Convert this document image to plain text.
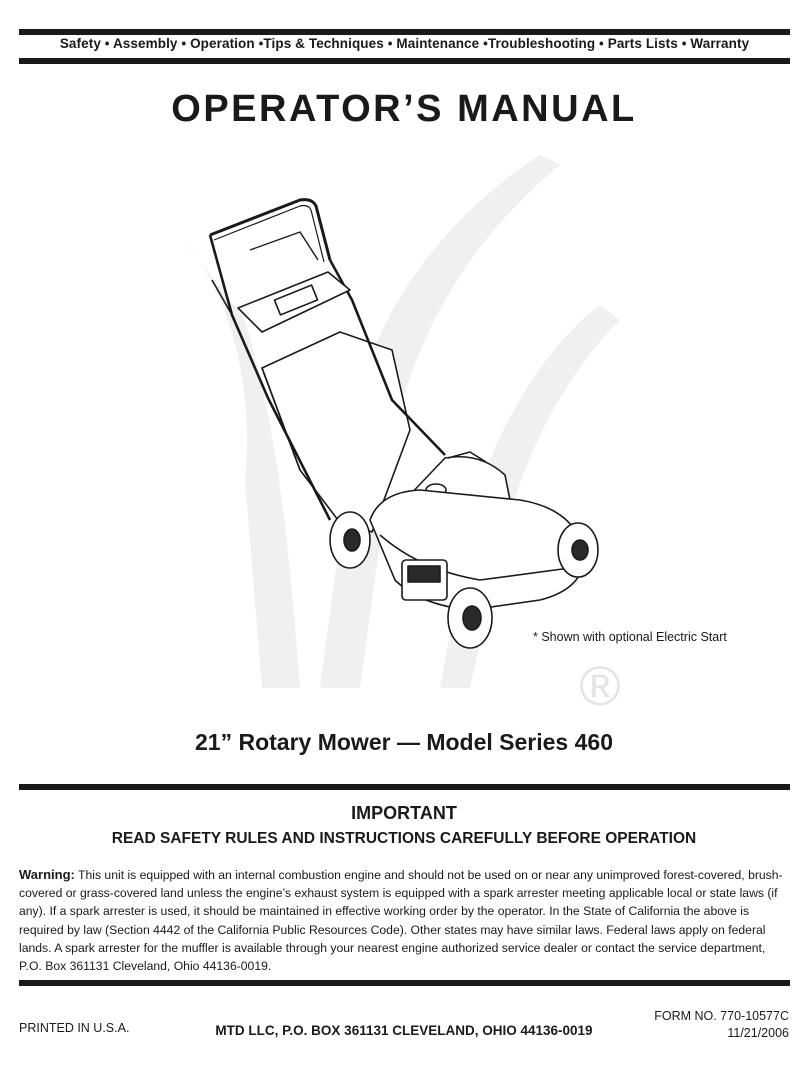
Safety • Assembly • Operation •Tips & Techniques • Maintenance •Troubleshooting • Parts Lists • Warranty
OPERATOR’S MANUAL
®
* Shown with optional Electric Start
21” Rotary Mower — Model Series 460
IMPORTANT
READ SAFETY RULES AND INSTRUCTIONS CAREFULLY BEFORE OPERATION
Warning: This unit is equipped with an internal combustion engine and should not be used on or near any unimproved forest-covered, brush-covered or grass-covered land unless the engine’s exhaust system is equipped with a spark arrester meeting applicable local or state laws (if any). If a spark arrester is used, it should be maintained in effective working order by the operator. In the State of California the above is required by law (Section 4442 of the California Public Resources Code). Other states may have similar laws. Federal laws apply on federal lands. A spark arrester for the muffler is available through your nearest engine authorized service dealer or contact the service department, P.O. Box 361131 Cleveland, Ohio 44136-0019.
PRINTED IN U.S.A.	MTD LLC, P.O. BOX 361131 CLEVELAND, OHIO 44136-0019
FORM NO. 770-10577C
11/21/2006
